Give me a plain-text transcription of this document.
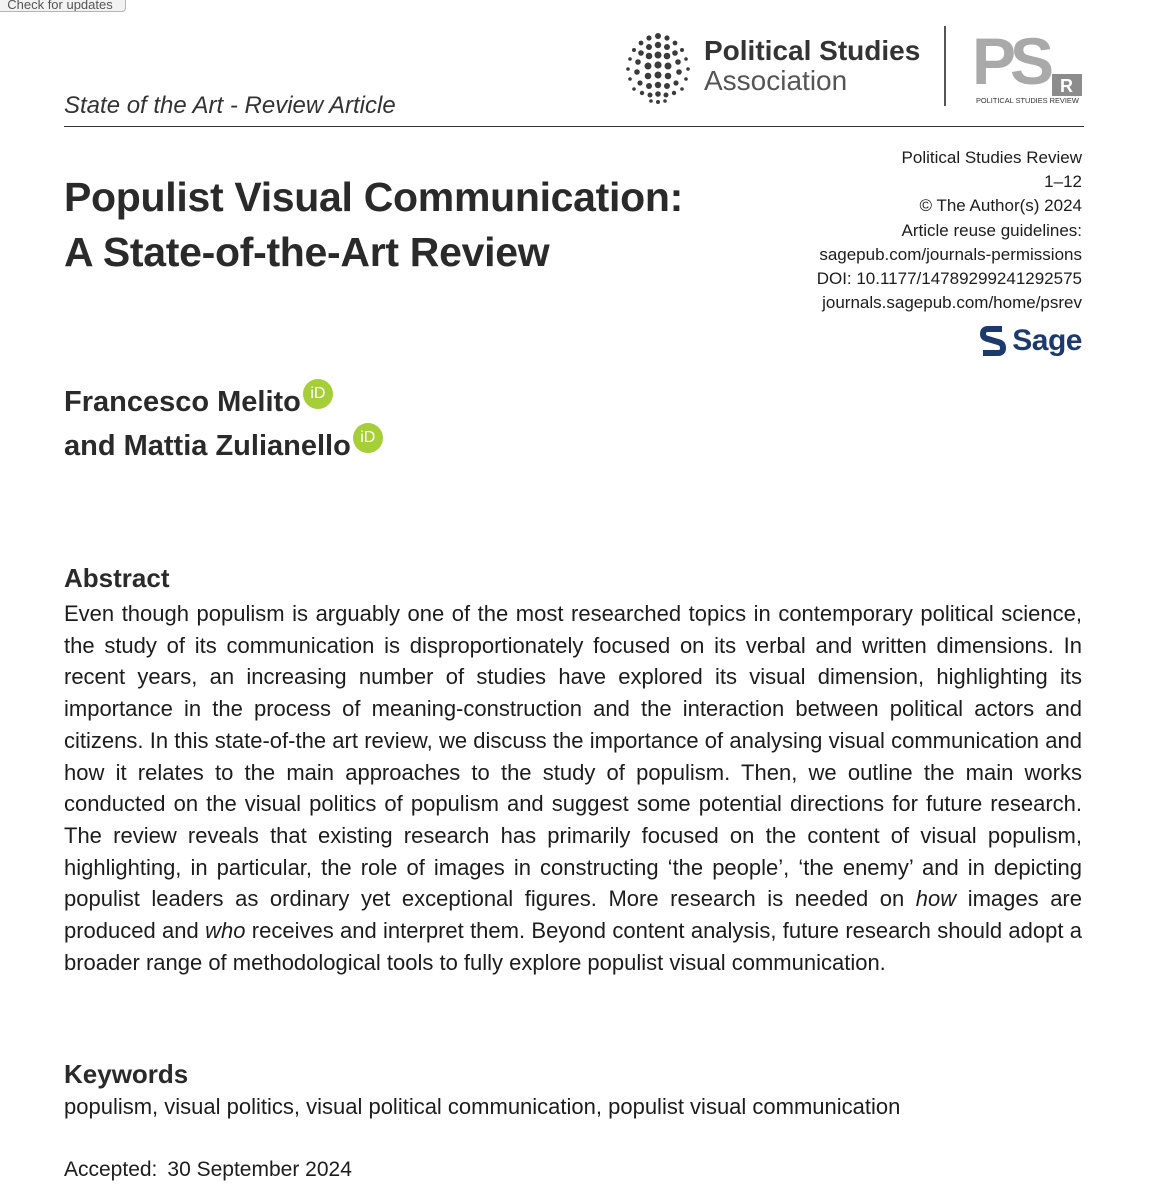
Check for updates
Political Studies
Association	PS R
POLITICAL STUDIES REVIEW
State of the Art - Review Article
Populist Visual Communication:
A State-of-the-Art Review
Political Studies Review
1–12
© The Author(s) 2024
Article reuse guidelines:
sagepub.com/journals-permissions
DOI: 10.1177/14789299241292575
journals.sagepub.com/home/psrev
Sage
Francesco Melito iD
and Mattia Zulianello iD
Abstract
Even though populism is arguably one of the most researched topics in contemporary political science, the study of its communication is disproportionately focused on its verbal and written dimensions. In recent years, an increasing number of studies have explored its visual dimension, highlighting its importance in the process of meaning-construction and the interaction between political actors and citizens. In this state-of-the art review, we discuss the importance of analysing visual communication and how it relates to the main approaches to the study of populism. Then, we outline the main works conducted on the visual politics of populism and suggest some potential directions for future research. The review reveals that existing research has primarily focused on the content of visual populism, highlighting, in particular, the role of images in constructing ‘the people’, ‘the enemy’ and in depicting populist leaders as ordinary yet exceptional figures. More research is needed on how images are produced and who receives and interpret them. Beyond content analysis, future research should adopt a broader range of methodological tools to fully explore populist visual communication.
Keywords
populism, visual politics, visual political communication, populist visual communication
Accepted: 30 September 2024
